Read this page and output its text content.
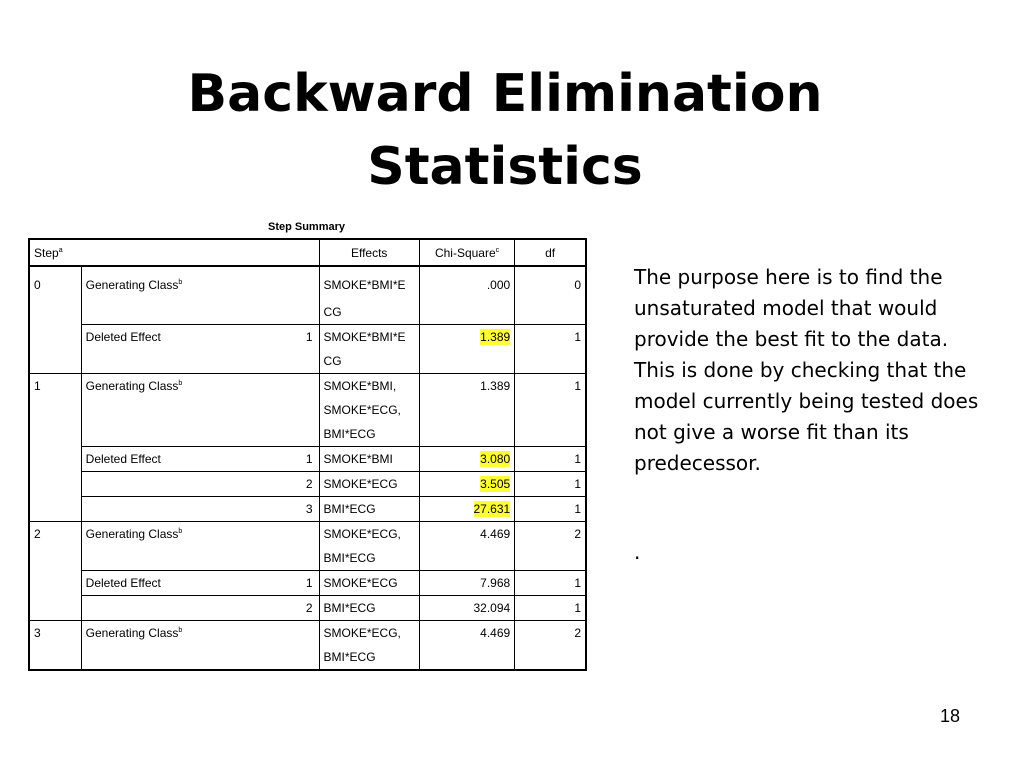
Backward Elimination
Statistics
Step Summary
Step$^a$			Effects	Chi-Square$^c$	df
0	Generating Class$^b$		SMOKE*BMI*E	.000	0
			CG		
	Deleted Effect	1	SMOKE*BMI*E	1.389	1
			CG		
1	Generating Class$^b$		SMOKE*BMI,	1.389	1
			SMOKE*ECG,		
			BMI*ECG		
	Deleted Effect	1	SMOKE*BMI	3.080	1
		2	SMOKE*ECG	3.505	1
		3	BMI*ECG	27.631	1
2	Generating Class$^b$		SMOKE*ECG,	4.469	2
			BMI*ECG		
	Deleted Effect	1	SMOKE*ECG	7.968	1
		2	BMI*ECG	32.094	1
3	Generating Class$^b$		SMOKE*ECG,	4.469	2
			BMI*ECG		

The purpose here is to find the unsaturated model that would provide the best fit to the data. This is done by checking that the model currently being tested does not give a worse fit than its predecessor.

.
18
